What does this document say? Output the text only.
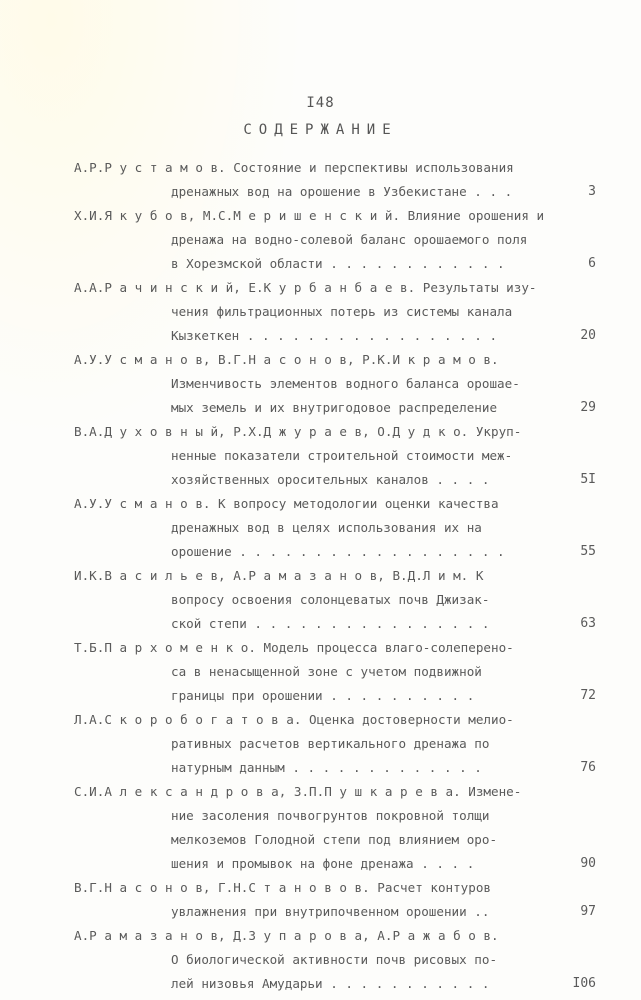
I48
СОДЕРЖАНИЕ
А.Р.Р у с т а м о в. Состояние и перспективы использования
дренажных вод на орошение в Узбекистане . . .	3
Х.И.Я к у б о в, М.С.М е р и ш е н с к и й. Влияние орошения и
дренажа на водно-солевой баланс орошаемого поля
в Хорезмской области . . . . . . . . . . . .	6
А.А.Р а ч и н с к и й, Е.К у р б а н б а е в. Результаты изу-
чения фильтрационных потерь из системы канала
Кызкеткен . . . . . . . . . . . . . . . . .	20
А.У.У с м а н о в, В.Г.Н а с о н о в, Р.К.И к р а м о в.
Изменчивость элементов водного баланса орошае-
мых земель и их внутригодовое распределение	29
В.А.Д у х о в н ы й, Р.Х.Д ж у р а е в, О.Д у д к о. Укруп-
ненные показатели строительной стоимости меж-
хозяйственных оросительных каналов . . . .	5I
А.У.У с м а н о в. К вопросу методологии оценки качества
дренажных вод в целях использования их на
орошение . . . . . . . . . . . . . . . . . .	55
И.К.В а с и л ь е в, А.Р а м а з а н о в, В.Д.Л и м. К
вопросу освоения солонцеватых почв Джизак-
ской степи . . . . . . . . . . . . . . . .	63
Т.Б.П а р х о м е н к о. Модель процесса влаго-солеперено-
са в ненасыщенной зоне с учетом подвижной
границы при орошении . . . . . . . . . .	72
Л.А.С к о р о б о г а т о в а. Оценка достоверности мелио-
ративных расчетов вертикального дренажа по
натурным данным . . . . . . . . . . . . .	76
С.И.А л е к с а н д р о в а, З.П.П у ш к а р е в а. Измене-
ние засоления почвогрунтов покровной толщи
мелкоземов Голодной степи под влиянием оро-
шения и промывок на фоне дренажа . . . .	90
В.Г.Н а с о н о в, Г.Н.С т а н о в о в. Расчет контуров
увлажнения при внутрипочвенном орошении ..	97
А.Р а м а з а н о в, Д.З у п а р о в а, А.Р а ж а б о в.
О биологической активности почв рисовых по-
лей низовья Амударьи . . . . . . . . . . .	I06
